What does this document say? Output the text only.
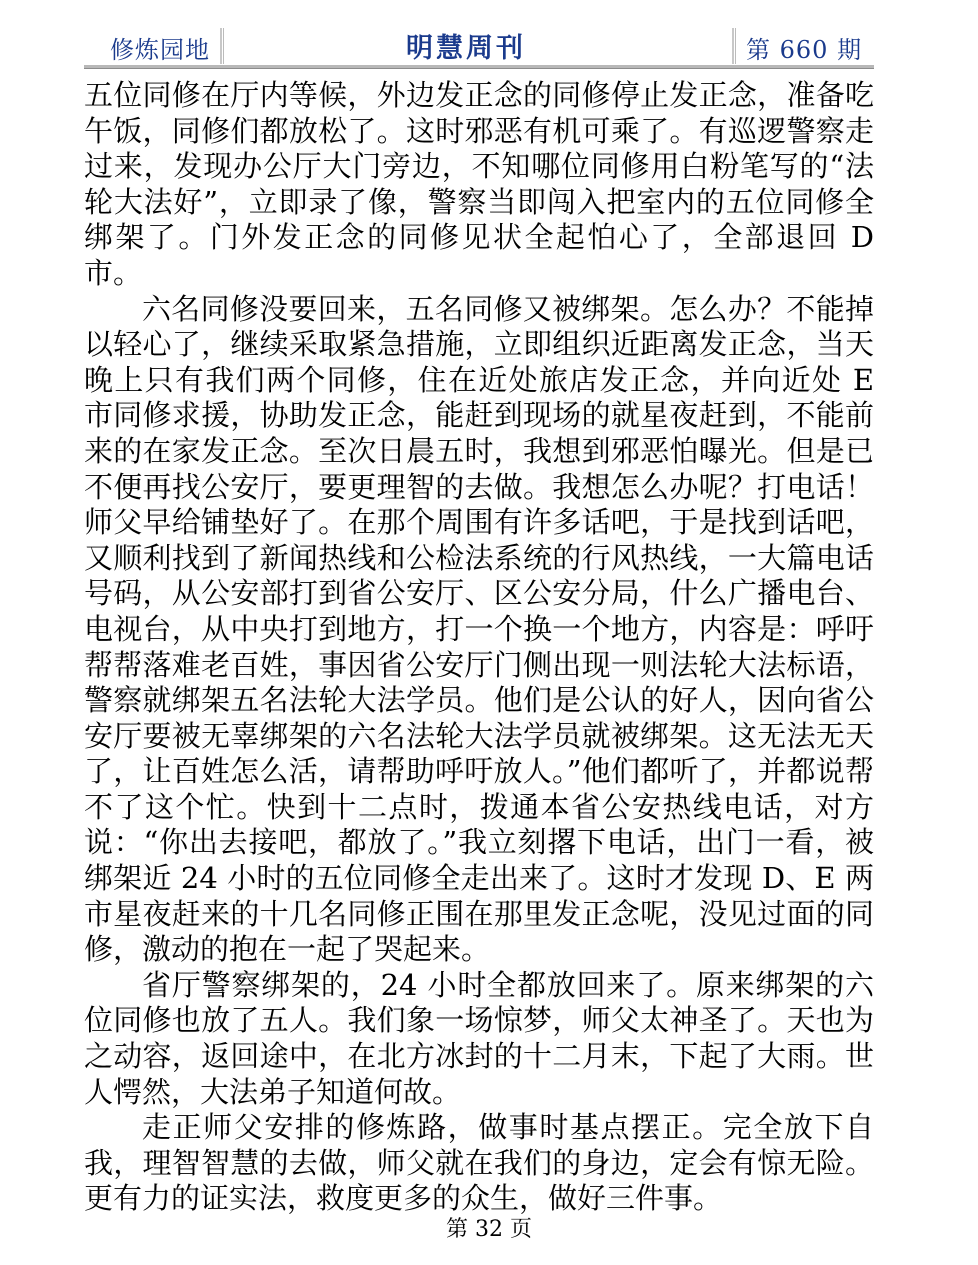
修炼园地	明慧周刊	第 660 期

五位同修在厅内等候，外边发正念的同修停止发正念，准备吃午饭，同修们都放松了。这时邪恶有机可乘了。有巡逻警察走过来，发现办公厅大门旁边，不知哪位同修用白粉笔写的“法轮大法好”，立即录了像，警察当即闯入把室内的五位同修全绑架了。门外发正念的同修见状全起怕心了，全部退回 D 市。

六名同修没要回来，五名同修又被绑架。怎么办？不能掉以轻心了，继续采取紧急措施，立即组织近距离发正念，当天晚上只有我们两个同修，住在近处旅店发正念，并向近处 E 市同修求援，协助发正念，能赶到现场的就星夜赶到，不能前来的在家发正念。至次日晨五时，我想到邪恶怕曝光。但是已不便再找公安厅，要更理智的去做。我想怎么办呢？打电话！师父早给铺垫好了。在那个周围有许多话吧，于是找到话吧，又顺利找到了新闻热线和公检法系统的行风热线，一大篇电话号码，从公安部打到省公安厅、区公安分局，什么广播电台、电视台，从中央打到地方，打一个换一个地方，内容是：呼吁帮帮落难老百姓，事因省公安厅门侧出现一则法轮大法标语，警察就绑架五名法轮大法学员。他们是公认的好人，因向省公安厅要被无辜绑架的六名法轮大法学员就被绑架。这无法无天了，让百姓怎么活，请帮助呼吁放人。”他们都听了，并都说帮不了这个忙。快到十二点时，拨通本省公安热线电话，对方说：“你出去接吧，都放了。”我立刻撂下电话，出门一看，被绑架近 24 小时的五位同修全走出来了。这时才发现 D、E 两市星夜赶来的十几名同修正围在那里发正念呢，没见过面的同修，激动的抱在一起了哭起来。

省厅警察绑架的，24 小时全都放回来了。原来绑架的六位同修也放了五人。我们象一场惊梦，师父太神圣了。天也为之动容，返回途中，在北方冰封的十二月末，下起了大雨。世人愕然，大法弟子知道何故。

走正师父安排的修炼路，做事时基点摆正。完全放下自我，理智智慧的去做，师父就在我们的身边，定会有惊无险。更有力的证实法，救度更多的众生，做好三件事。

第 32 页
